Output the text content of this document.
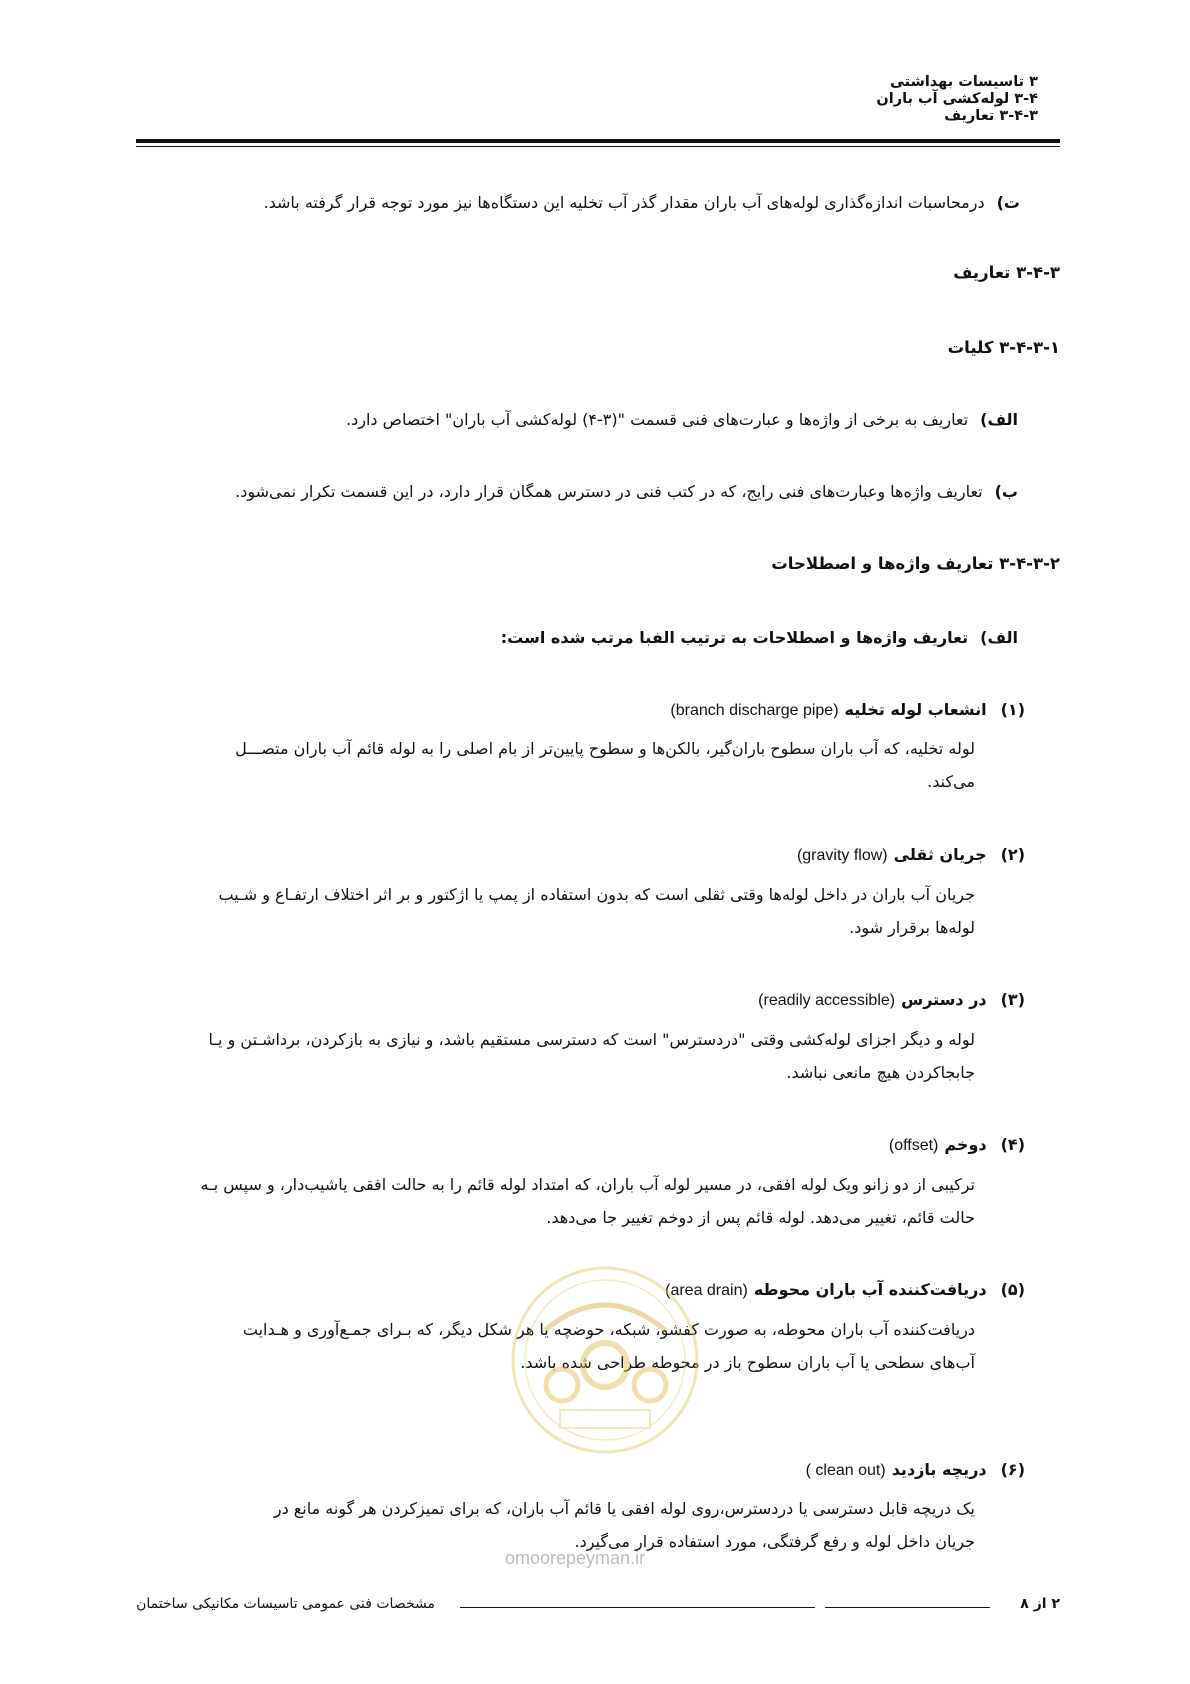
۳ تاسیسات بهداشتی
۳-۴ لوله‌کشی آب باران
۳-۴-۳ تعاریف
ت)درمحاسبات اندازه‌گذاری لوله‌های آب باران مقدار گذر آب تخلیه این دستگاه‌ها نیز مورد توجه قرار گرفته باشد.
۳-۴-۳ تعاریف
۳-۴-۳-۱ کلیات
الف)تعاریف به برخی از واژه‌ها و عبارت‌های فنی قسمت "(۳-۴) لوله‌کشی آب باران" اختصاص دارد.
ب)تعاریف واژه‌ها وعبارت‌های فنی رایج، که در کتب فنی در دسترس همگان قرار دارد، در این قسمت تکرار نمی‌شود.
۳-۴-۳-۲ تعاریف واژه‌ها و اصطلاحات
الف)تعاریف واژه‌ها و اصطلاحات به ترتیب الفبا مرتب شده است:
(۱)انشعاب لوله تخلیه(branch discharge pipe)
لوله تخلیه، که آب باران سطوح باران‌گیر، بالکن‌ها و سطوح پایین‌تر از بام اصلی را به لوله قائم آب باران متصـــل
می‌کند.
(۲)جریان ثقلی(gravity flow)
جریان آب باران در داخل لوله‌ها وقتی ثقلی است که بدون استفاده از پمپ یا اژکتور و بر اثر اختلاف ارتفـاع و شـیب
لوله‌ها برقرار شود.
(۳)در دسترس(readily accessible)
لوله و دیگر اجزای لوله‌کشی وقتی "دردسترس" است که دسترسی مستقیم باشد، و نیازی به بازکردن، برداشـتن و یـا
جابجاکردن هیچ مانعی نباشد.
(۴)دوخم(offset)
ترکیبی از دو زانو ویک لوله افقی، در مسیر لوله آب باران، که امتداد لوله قائم را به حالت افقی یاشیب‌دار، و سپس بـه
حالت قائم، تغییر می‌دهد. لوله قائم پس از دوخم تغییر جا می‌دهد.
(۵)دریافت‌کننده آب باران محوطه(area drain)
دریافت‌کننده آب باران محوطه، به صورت کفشو، شبکه، حوضچه یا هر شکل دیگر، که بـرای جمـع‌آوری و هـدایت
آب‌های سطحی یا آب باران سطوح باز در محوطه طراحی شده باشد.
(۶)دریچه بازدید( clean out)
یک دریچه قابل دسترسی یا دردسترس،روی لوله افقی یا قائم آب باران، که برای تمیزکردن هر گونه مانع در
جریان داخل لوله و رفع گرفتگی، مورد استفاده قرار می‌گیرد.
omoorepeyman.ir
۲ از ۸
مشخصات فنی عمومی تاسیسات مکانیکی ساختمان
